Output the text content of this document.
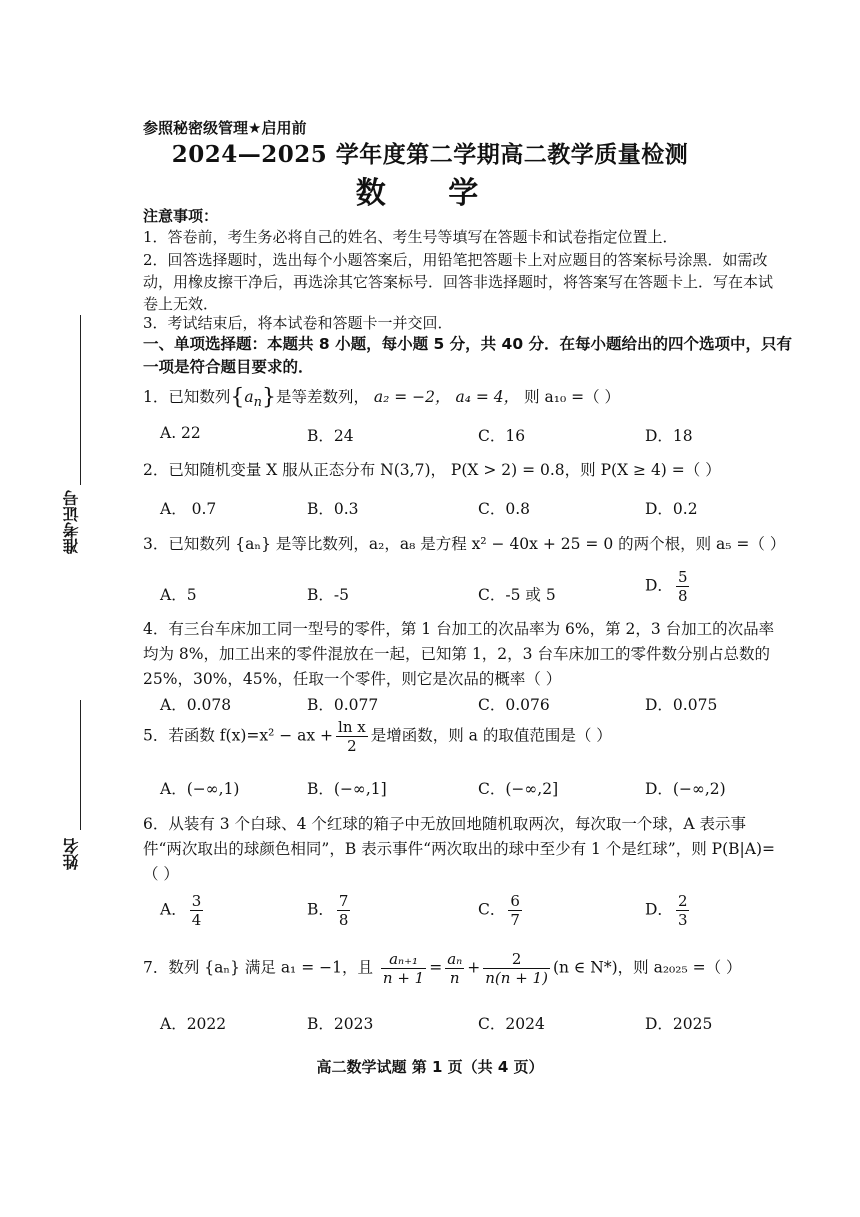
参照秘密级管理★启用前
2024—2025 学年度第二学期高二教学质量检测
数 学
注意事项：
1．答卷前，考生务必将自己的姓名、考生号等填写在答题卡和试卷指定位置上．
2．回答选择题时，选出每个小题答案后，用铅笔把答题卡上对应题目的答案标号涂黑．如需改动，用橡皮擦干净后，再选涂其它答案标号．回答非选择题时，将答案写在答题卡上．写在本试卷上无效．
3．考试结束后，将本试卷和答题卡一并交回．
一、单项选择题：本题共 8 小题，每小题 5 分，共 40 分．在每小题给出的四个选项中，只有一项是符合题目要求的．
准考证号
姓名
1．已知数列$\{a_n\}$是等差数列， a₂ = −2， a₄ = 4， 则 a₁₀ =（ ）
A. 22	B．24	C．16	D．18
2．已知随机变量 X 服从正态分布 N(3,7)， P(X > 2) = 0.8，则 P(X ≥ 4) =（ ）
A． 0.7	B．0.3	C．0.8	D．0.2
3．已知数列 {aₙ} 是等比数列，a₂，a₈ 是方程 x² − 40x + 25 = 0 的两个根，则 a₅ =（ ）
A．5	B．-5	C．-5 或 5
D． $\frac{5}{8}$
4．有三台车床加工同一型号的零件，第 1 台加工的次品率为 6%，第 2，3 台加工的次品率均为 8%，加工出来的零件混放在一起，已知第 1，2，3 台车床加工的零件数分别占总数的 25%，30%，45%，任取一个零件，则它是次品的概率（ ）
A．0.078	B．0.077	C．0.076	D．0.075
5．若函数 f(x)=x² − ax + $\frac{\text{ln x}}{2}$ 是增函数，则 a 的取值范围是（ ）
A．(−∞,1)	B．(−∞,1]	C．(−∞,2]	D．(−∞,2)
6．从装有 3 个白球、4 个红球的箱子中无放回地随机取两次，每次取一个球，A 表示事件“两次取出的球颜色相同”，B 表示事件“两次取出的球中至少有 1 个是红球”，则 P(B|A)=（ ）
A． $\frac{3}{4}$	B． $\frac{7}{8}$	C． $\frac{6}{7}$	D． $\frac{2}{3}$
7．数列 {aₙ} 满足 a₁ = −1，且 $\frac{\text{aₙ₊₁}}{n + 1} = \frac{\text{aₙ}}{n} + \frac{2}{n(n + 1)} (n$ ∈ N*)，则 a₂₀₂₅ =（ ）
A．2022	B．2023	C．2024	D．2025
高二数学试题 第 1 页（共 4 页）
